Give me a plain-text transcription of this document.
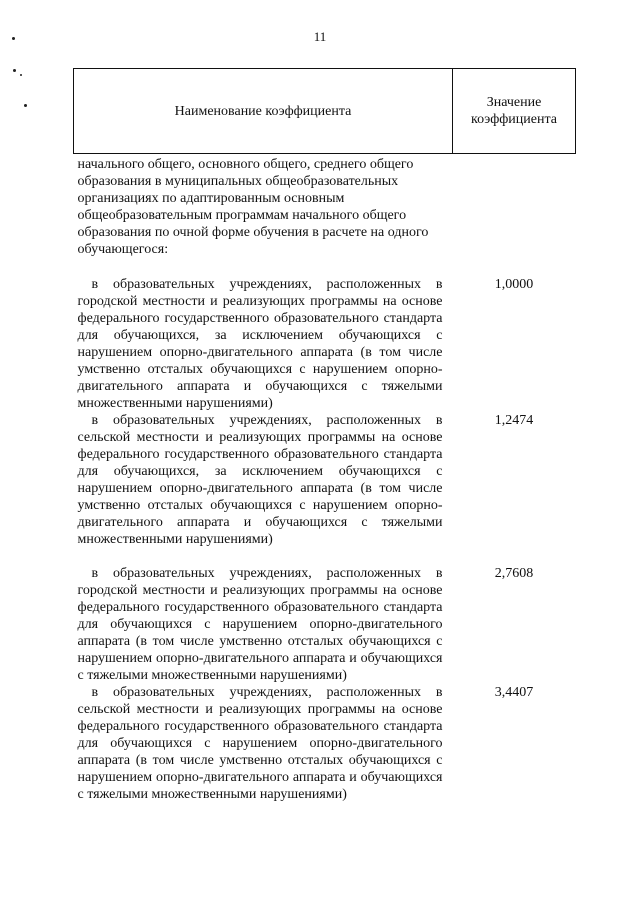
11
Наименование коэффициента	Значение коэффициента

начального общего, основного общего, среднего общего образования в муниципальных общеобразовательных организациях по адаптированным основным общеобразовательным программам начального общего образования по очной форме обучения в расчете на одного обучающегося:	

в образовательных учреждениях, расположенных в городской местности и реализующих программы на основе федерального государственного образовательного стандарта для обучающихся, за исключением обучающихся с нарушением опорно-двигательного аппарата (в том числе умственно отсталых обучающихся с нарушением опорно-двигательного аппарата и обучающихся с тяжелыми множественными нарушениями)	1,0000

в образовательных учреждениях, расположенных в сельской местности и реализующих программы на основе федерального государственного образовательного стандарта для обучающихся, за исключением обучающихся с нарушением опорно-двигательного аппарата (в том числе умственно отсталых обучающихся с нарушением опорно-двигательного аппарата и обучающихся с тяжелыми множественными нарушениями)	1,2474

в образовательных учреждениях, расположенных в городской местности и реализующих программы на основе федерального государственного образовательного стандарта для обучающихся с нарушением опорно-двигательного аппарата (в том числе умственно отсталых обучающихся с нарушением опорно-двигательного аппарата и обучающихся с тяжелыми множественными нарушениями)	2,7608

в образовательных учреждениях, расположенных в сельской местности и реализующих программы на основе федерального государственного образовательного стандарта для обучающихся с нарушением опорно-двигательного аппарата (в том числе умственно отсталых обучающихся с нарушением опорно-двигательного аппарата и обучающихся с тяжелыми множественными нарушениями)	3,4407
